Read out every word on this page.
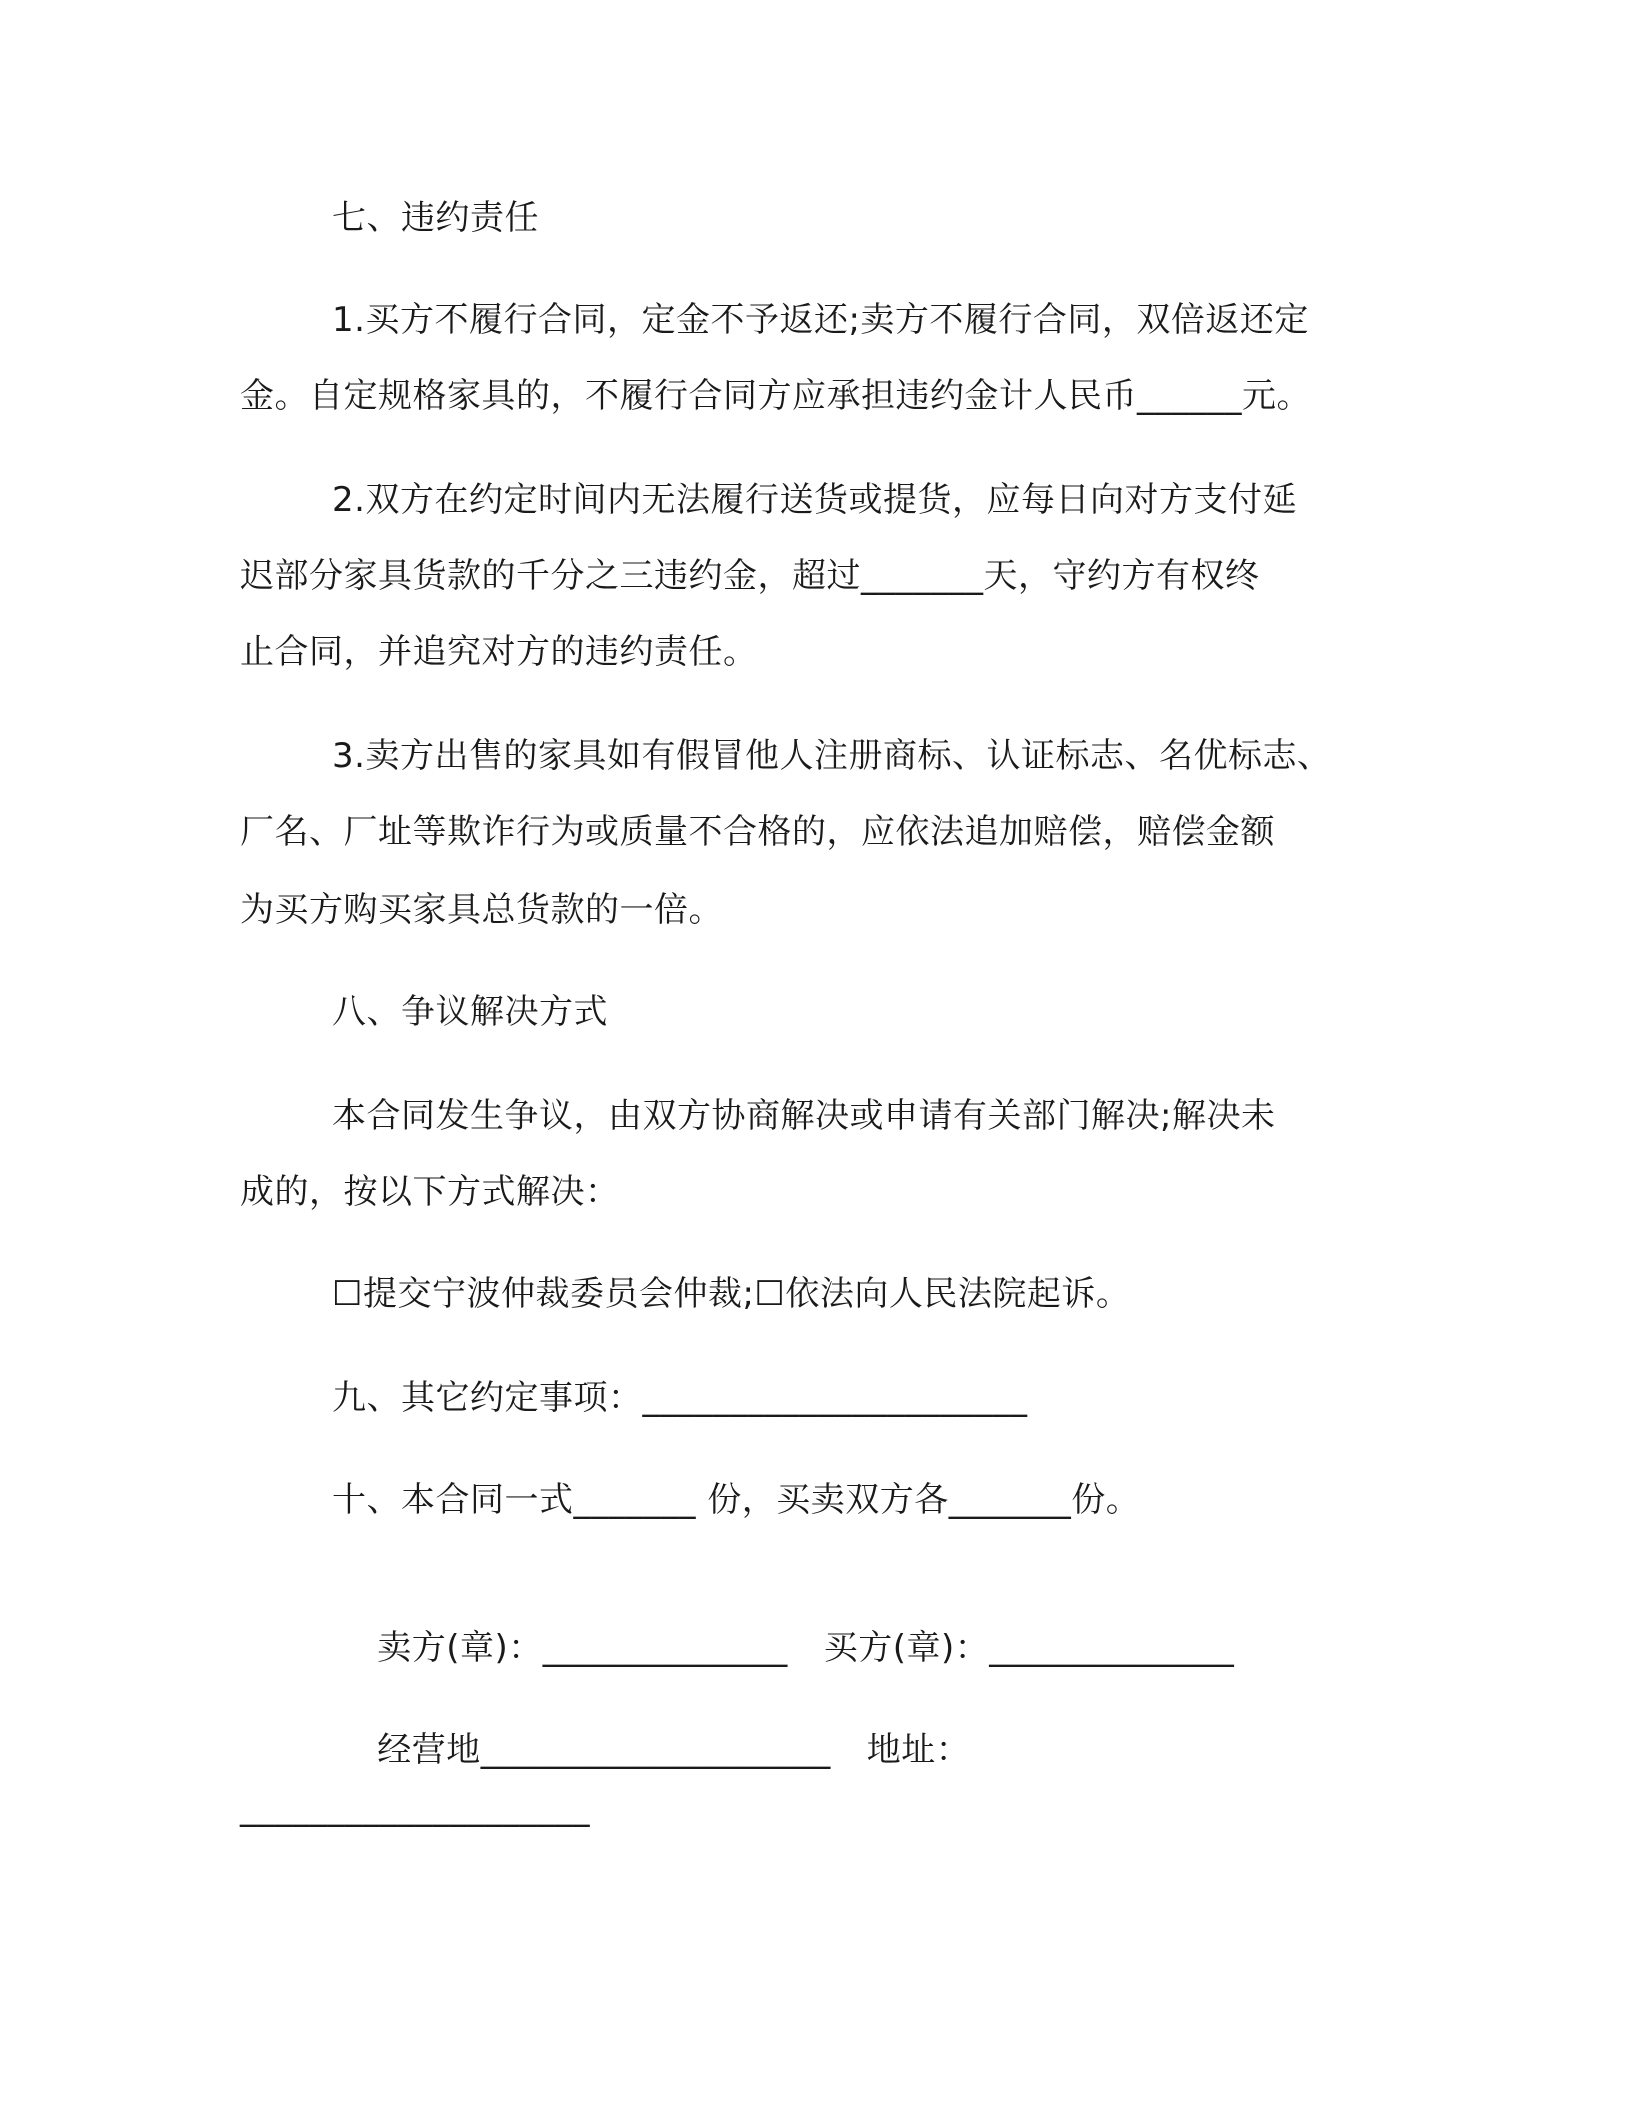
七、违约责任
1.买方不履行合同，定金不予返还;卖方不履行合同，双倍返还定
金。自定规格家具的，不履行合同方应承担违约金计人民币______元。
2.双方在约定时间内无法履行送货或提货，应每日向对方支付延
迟部分家具货款的千分之三违约金，超过_______天，守约方有权终
止合同，并追究对方的违约责任。
3.卖方出售的家具如有假冒他人注册商标、认证标志、名优标志、
厂名、厂址等欺诈行为或质量不合格的，应依法追加赔偿，赔偿金额
为买方购买家具总货款的一倍。
八、争议解决方式
本合同发生争议，由双方协商解决或申请有关部门解决;解决未
成的，按以下方式解决：
☐提交宁波仲裁委员会仲裁;☐依法向人民法院起诉。
九、其它约定事项：______________________
十、本合同一式_______ 份，买卖双方各_______份。

卖方(章)：______________ 买方(章)：______________

经营地____________________ 地址：

____________________
